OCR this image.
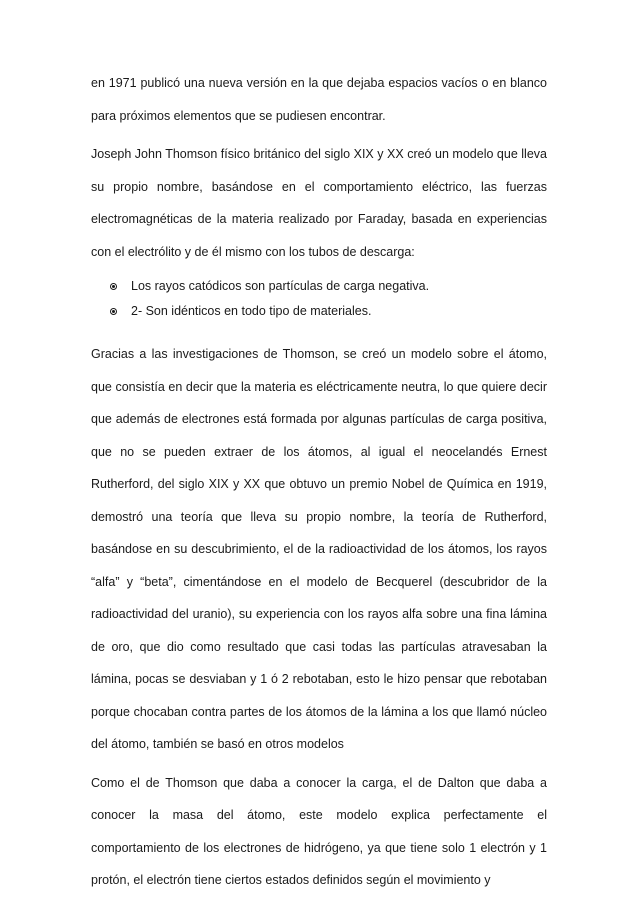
en 1971 publicó una nueva versión en la que dejaba espacios vacíos o en blanco para próximos elementos que se pudiesen encontrar.

Joseph John Thomson físico británico del siglo XIX y XX creó un modelo que lleva su propio nombre, basándose en el comportamiento eléctrico, las fuerzas electromagnéticas de la materia realizado por Faraday, basada en experiencias con el electrólito y de él mismo con los tubos de descarga:

Los rayos catódicos son partículas de carga negativa.
2- Son idénticos en todo tipo de materiales.

Gracias a las investigaciones de Thomson, se creó un modelo sobre el átomo, que consistía en decir que la materia es eléctricamente neutra, lo que quiere decir que además de electrones está formada por algunas partículas de carga positiva, que no se pueden extraer de los átomos, al igual el neocelandés Ernest Rutherford, del siglo XIX y XX que obtuvo un premio Nobel de Química en 1919, demostró una teoría que lleva su propio nombre, la teoría de Rutherford, basándose en su descubrimiento, el de la radioactividad de los átomos, los rayos “alfa” y “beta”, cimentándose en el modelo de Becquerel (descubridor de la radioactividad del uranio), su experiencia con los rayos alfa sobre una fina lámina de oro, que dio como resultado que casi todas las partículas atravesaban la lámina, pocas se desviaban y 1 ó 2 rebotaban, esto le hizo pensar que rebotaban porque chocaban contra partes de los átomos de la lámina a los que llamó núcleo del átomo, también se basó en otros modelos

Como el de Thomson que daba a conocer la carga, el de Dalton que daba a conocer la masa del átomo, este modelo explica perfectamente el comportamiento de los electrones de hidrógeno, ya que tiene solo 1 electrón y 1 protón, el electrón tiene ciertos estados definidos según el movimiento y
